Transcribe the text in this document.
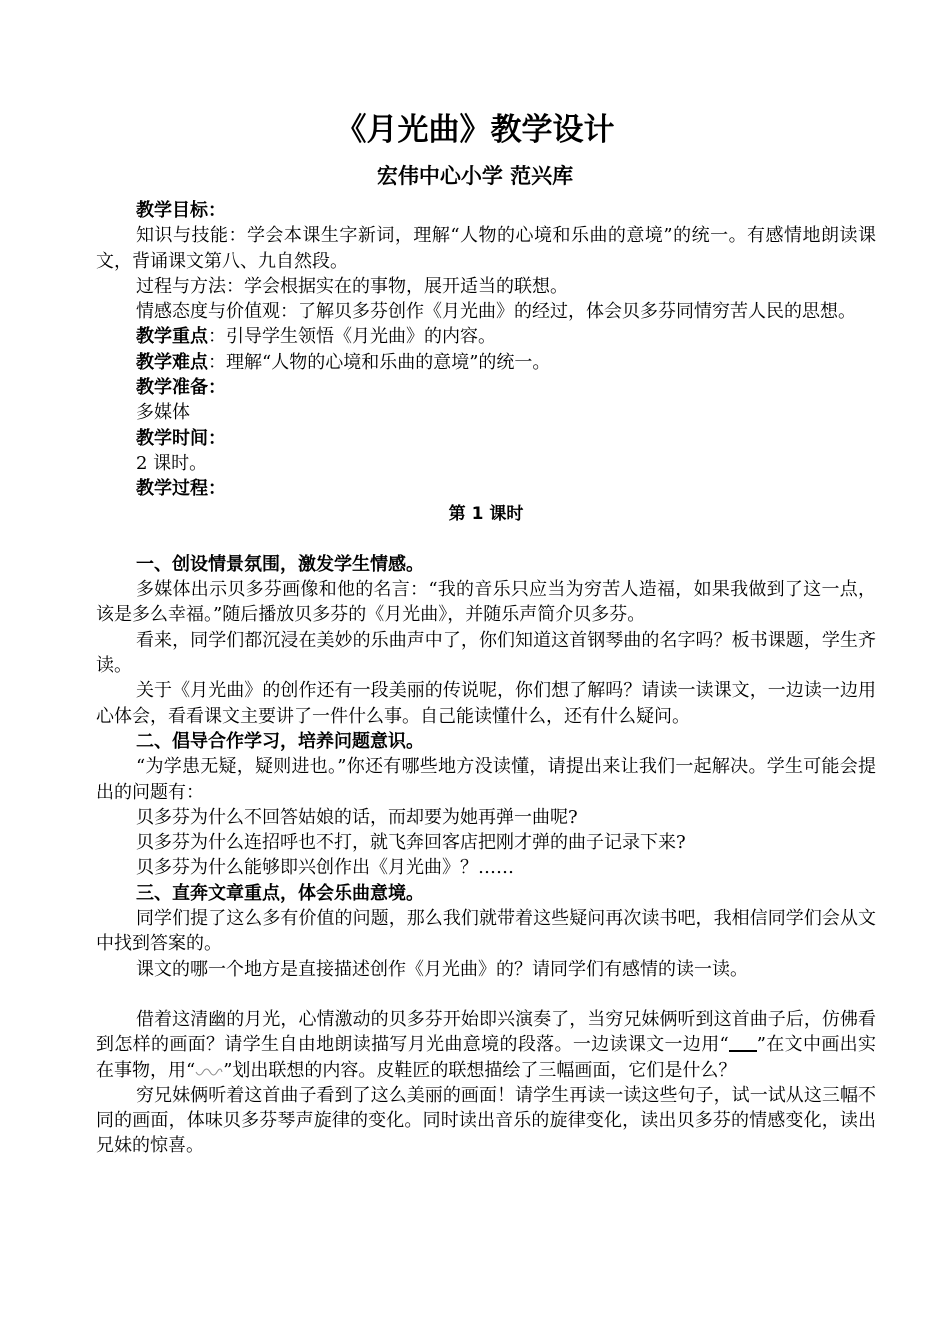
《月光曲》教学设计
宏伟中心小学 范兴库

教学目标：

知识与技能：学会本课生字新词，理解“人物的心境和乐曲的意境”的统一。有感情地朗读课文，背诵课文第八、九自然段。

过程与方法：学会根据实在的事物，展开适当的联想。

情感态度与价值观：了解贝多芬创作《月光曲》的经过，体会贝多芬同情穷苦人民的思想。

教学重点：引导学生领悟《月光曲》的内容。

教学难点：理解“人物的心境和乐曲的意境”的统一。

教学准备：

多媒体

教学时间：

2 课时。

教学过程：

第 1 课时

一、创设情景氛围，激发学生情感。

多媒体出示贝多芬画像和他的名言：“我的音乐只应当为穷苦人造福，如果我做到了这一点，该是多么幸福。”随后播放贝多芬的《月光曲》，并随乐声简介贝多芬。

看来，同学们都沉浸在美妙的乐曲声中了，你们知道这首钢琴曲的名字吗？板书课题，学生齐读。

关于《月光曲》的创作还有一段美丽的传说呢，你们想了解吗？请读一读课文，一边读一边用心体会，看看课文主要讲了一件什么事。自己能读懂什么，还有什么疑问。

二、倡导合作学习，培养问题意识。

“为学患无疑，疑则进也。”你还有哪些地方没读懂，请提出来让我们一起解决。学生可能会提出的问题有：

贝多芬为什么不回答姑娘的话，而却要为她再弹一曲呢?

贝多芬为什么连招呼也不打，就飞奔回客店把刚才弹的曲子记录下来?

贝多芬为什么能够即兴创作出《月光曲》？……

三、直奔文章重点，体会乐曲意境。

同学们提了这么多有价值的问题，那么我们就带着这些疑问再次读书吧，我相信同学们会从文中找到答案的。

课文的哪一个地方是直接描述创作《月光曲》的？请同学们有感情的读一读。

借着这清幽的月光，心情激动的贝多芬开始即兴演奏了，当穷兄妹俩听到这首曲子后，仿佛看到怎样的画面？请学生自由地朗读描写月光曲意境的段落。一边读课文一边用“ ”在文中画出实在事物，用“ ”划出联想的内容。皮鞋匠的联想描绘了三幅画面，它们是什么？

穷兄妹俩听着这首曲子看到了这么美丽的画面！请学生再读一读这些句子，试一试从这三幅不同的画面，体味贝多芬琴声旋律的变化。同时读出音乐的旋律变化，读出贝多芬的情感变化，读出兄妹的惊喜。
